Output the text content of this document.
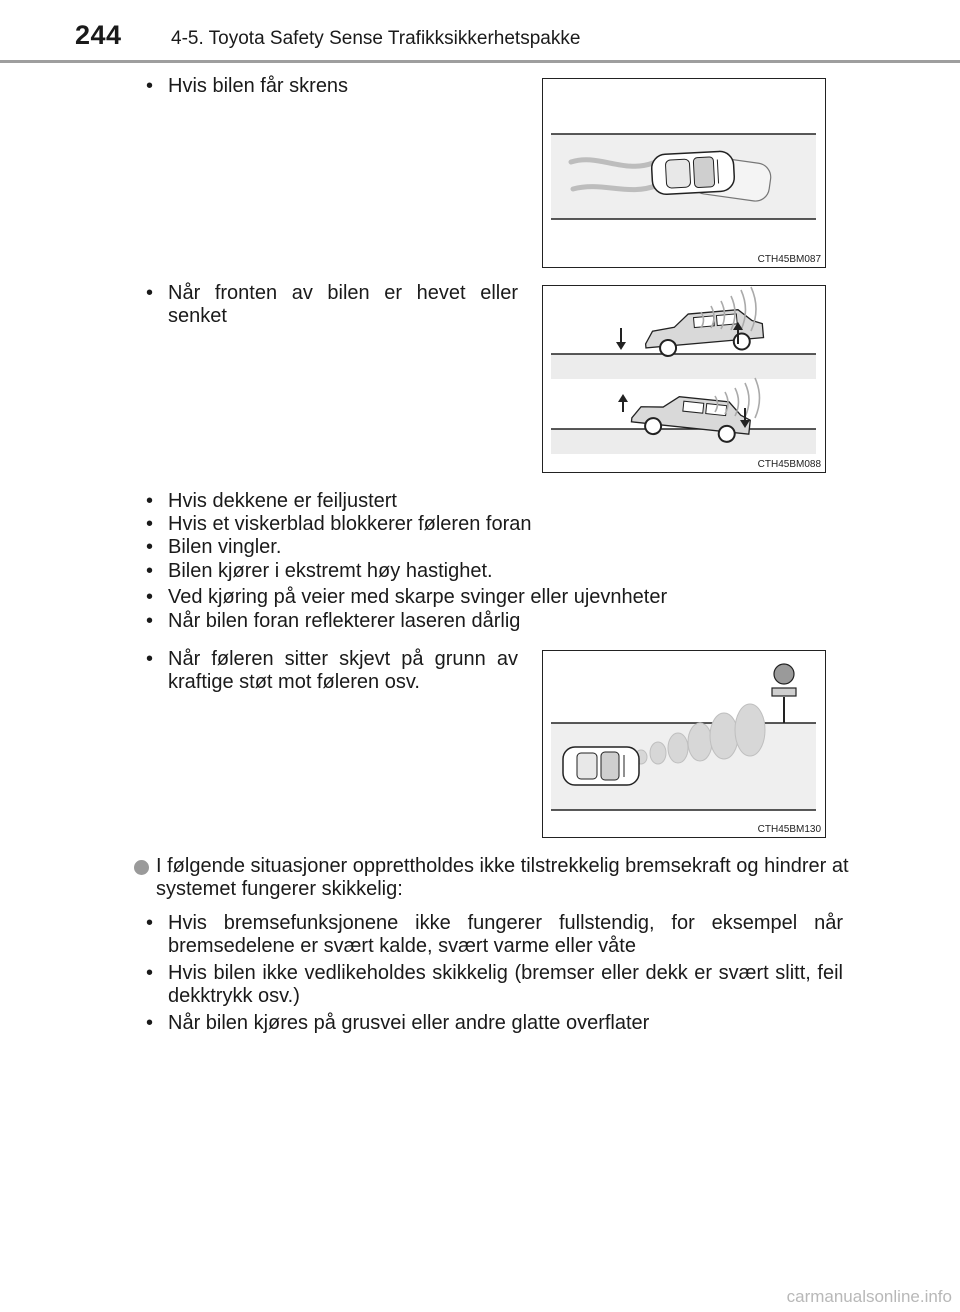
244	4-5. Toyota Safety Sense Trafikksikkerhetspakke
• Hvis bilen får skrens
CTH45BM087
• Når fronten av bilen er hevet eller senket
CTH45BM088
• Hvis dekkene er feiljustert
• Hvis et viskerblad blokkerer føleren foran
• Bilen vingler.
• Bilen kjører i ekstremt høy hastighet.
• Ved kjøring på veier med skarpe svinger eller ujevnheter
• Når bilen foran reflekterer laseren dårlig
• Når føleren sitter skjevt på grunn av kraftige støt mot føleren osv.
CTH45BM130
I følgende situasjoner opprettholdes ikke tilstrekkelig bremsekraft og hindrer at systemet fungerer skikkelig:
• Hvis bremsefunksjonene ikke fungerer fullstendig, for eksempel når bremsedelene er svært kalde, svært varme eller våte
• Hvis bilen ikke vedlikeholdes skikkelig (bremser eller dekk er svært slitt, feil dekktrykk osv.)
• Når bilen kjøres på grusvei eller andre glatte overflater
carmanualsonline.info
